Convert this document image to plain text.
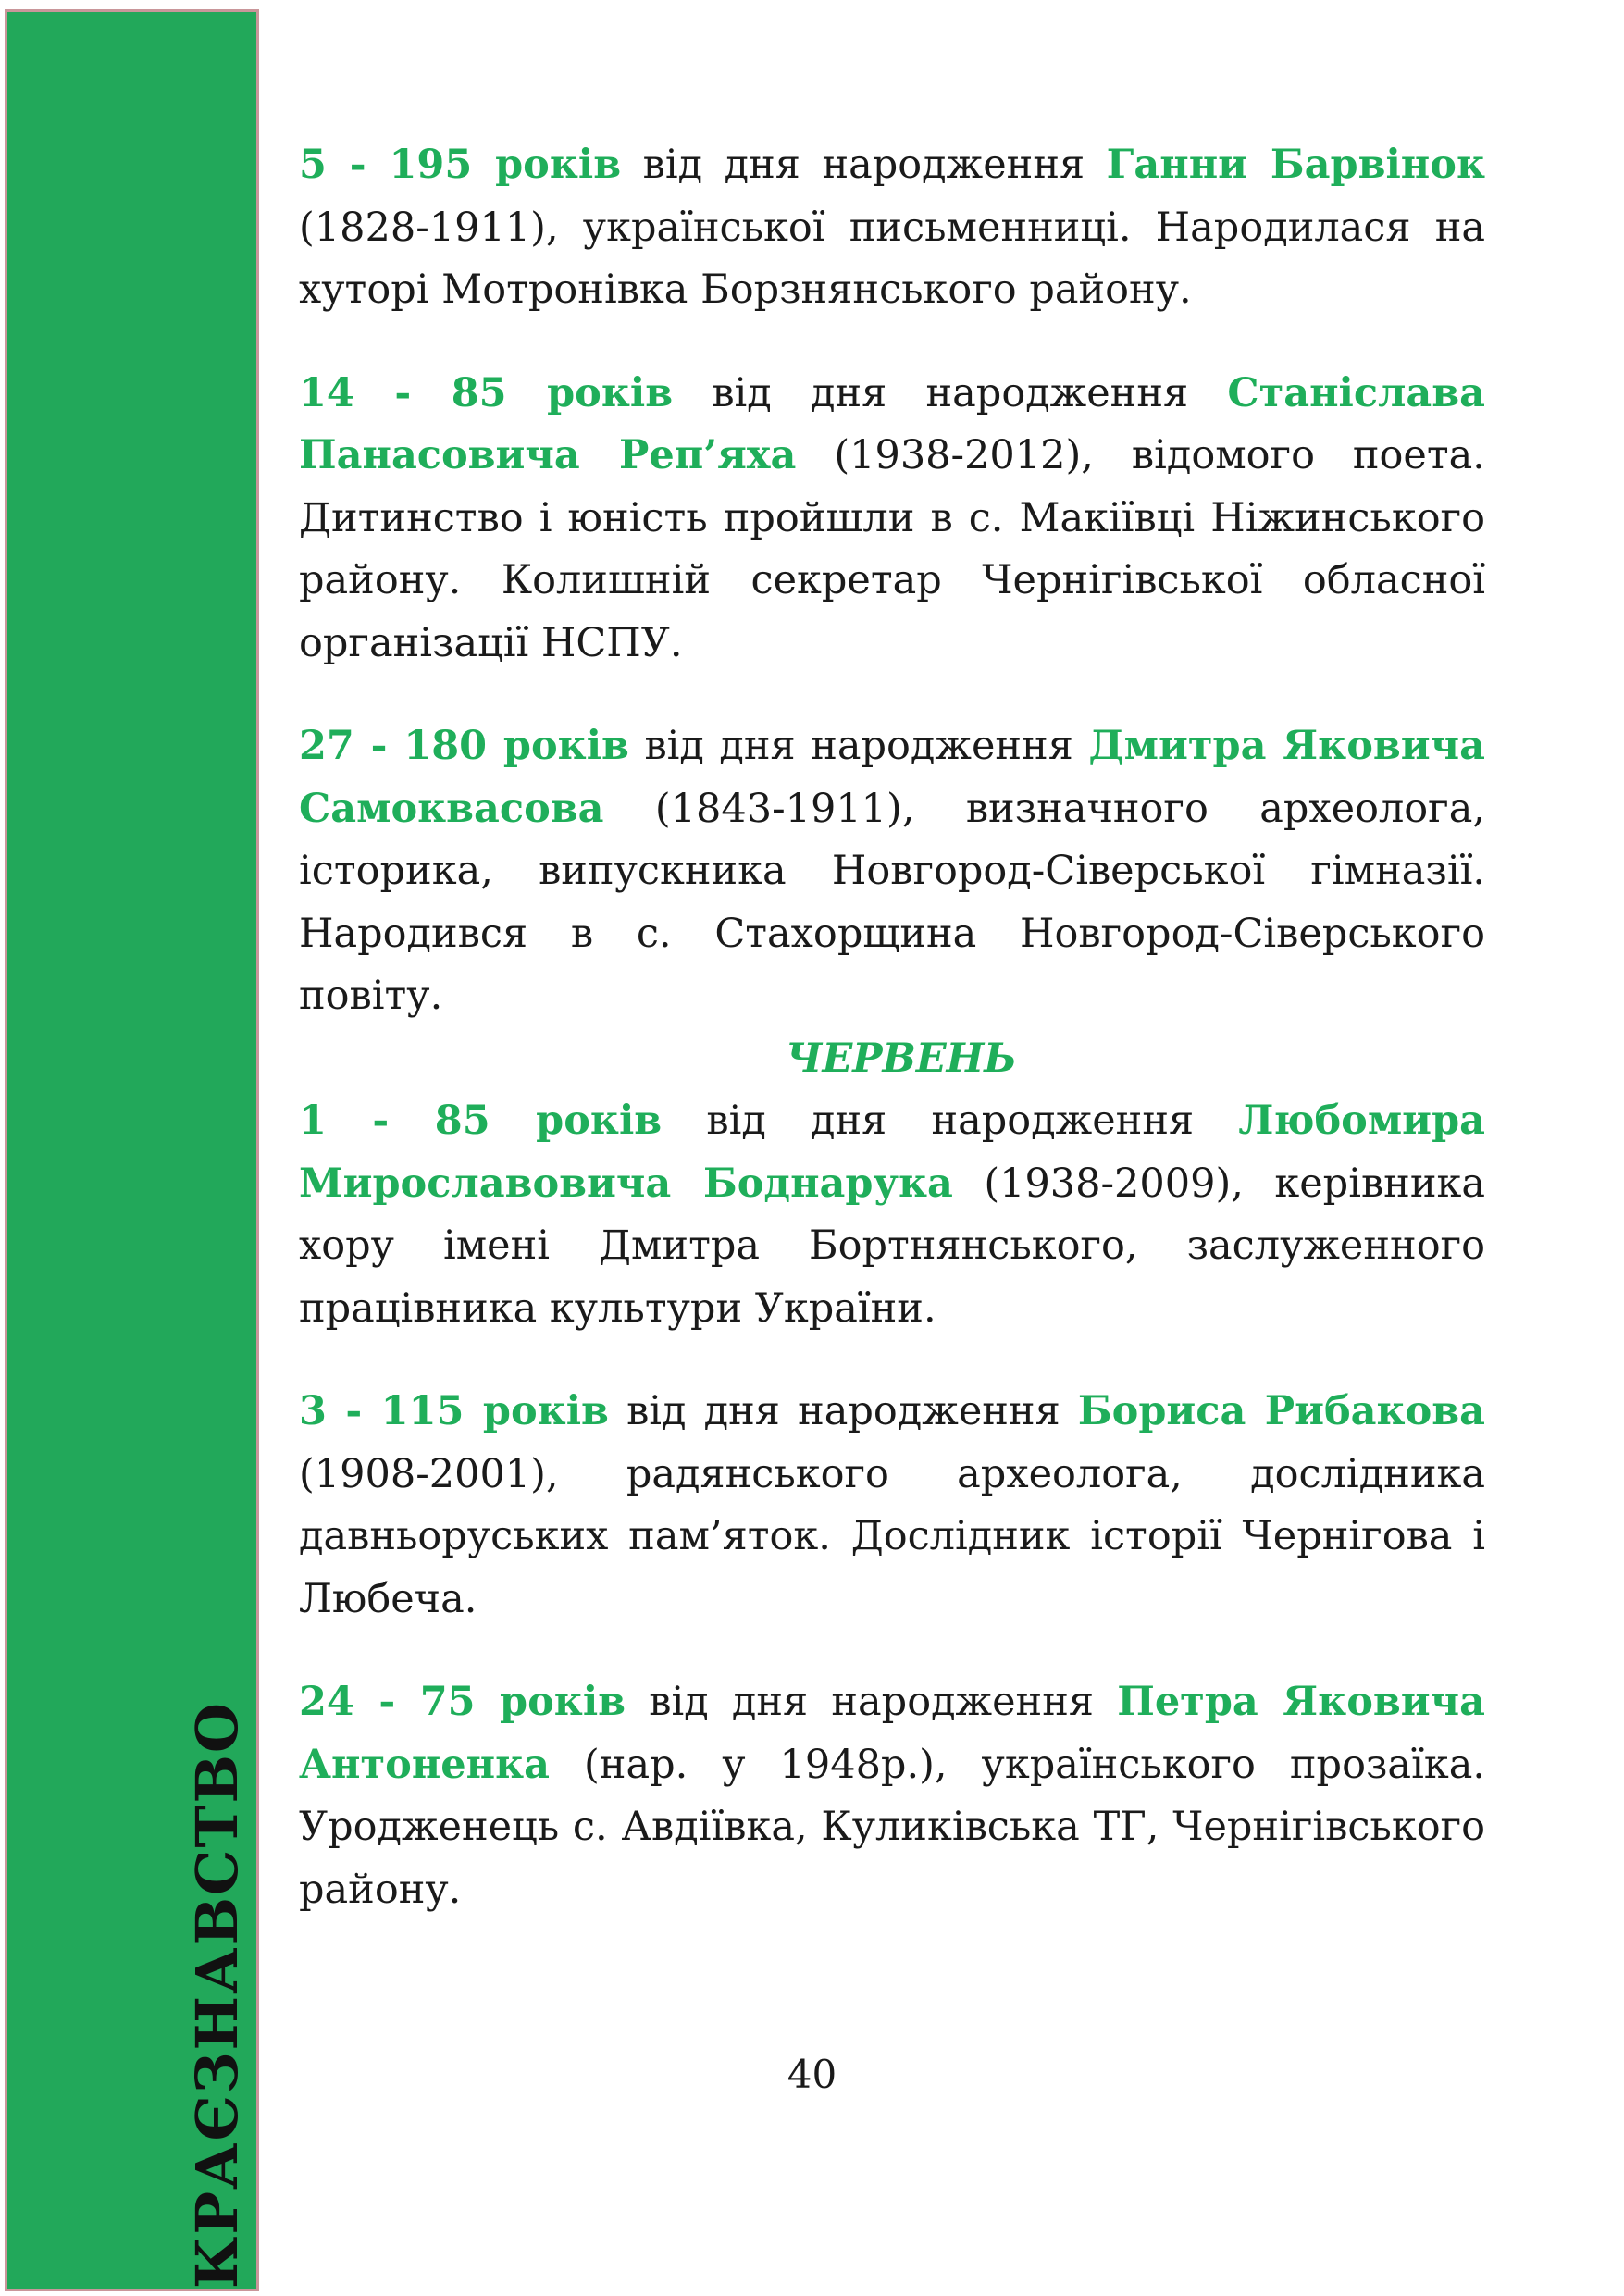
КРАЄЗНАВСТВО

5 - 195 років від дня народження Ганни Барвінок (1828-1911), української письменниці. Народилася на хуторі Мотронівка Борзнянського району.

14 - 85 років від дня народження Станіслава Панасовича Реп’яха (1938-2012), відомого поета. Дитинство і юність пройшли в с. Макіївці Ніжинського району. Колишній секретар Чернігівської обласної організації НСПУ.

27 - 180 років від дня народження Дмитра Яковича Самоквасова (1843-1911), визначного археолога, історика, випускника Новгород-Сіверської гімназії. Народився в с. Стахорщина Новгород-Сіверського повіту.

ЧЕРВЕНЬ

1 - 85 років від дня народження Любомира Мирославовича Боднарука (1938-2009), керівника хору імені Дмитра Бортнянського, заслуженного працівника культури України.

3 - 115 років від дня народження Бориса Рибакова (1908-2001), радянського археолога, дослідника давньоруських пам’яток. Дослідник історії Чернігова і Любеча.

24 - 75 років від дня народження Петра Яковича Антоненка (нар. у 1948р.), українського прозаїка. Уродженець с. Авдіївка, Куликівська ТГ, Чернігівського району.

40
